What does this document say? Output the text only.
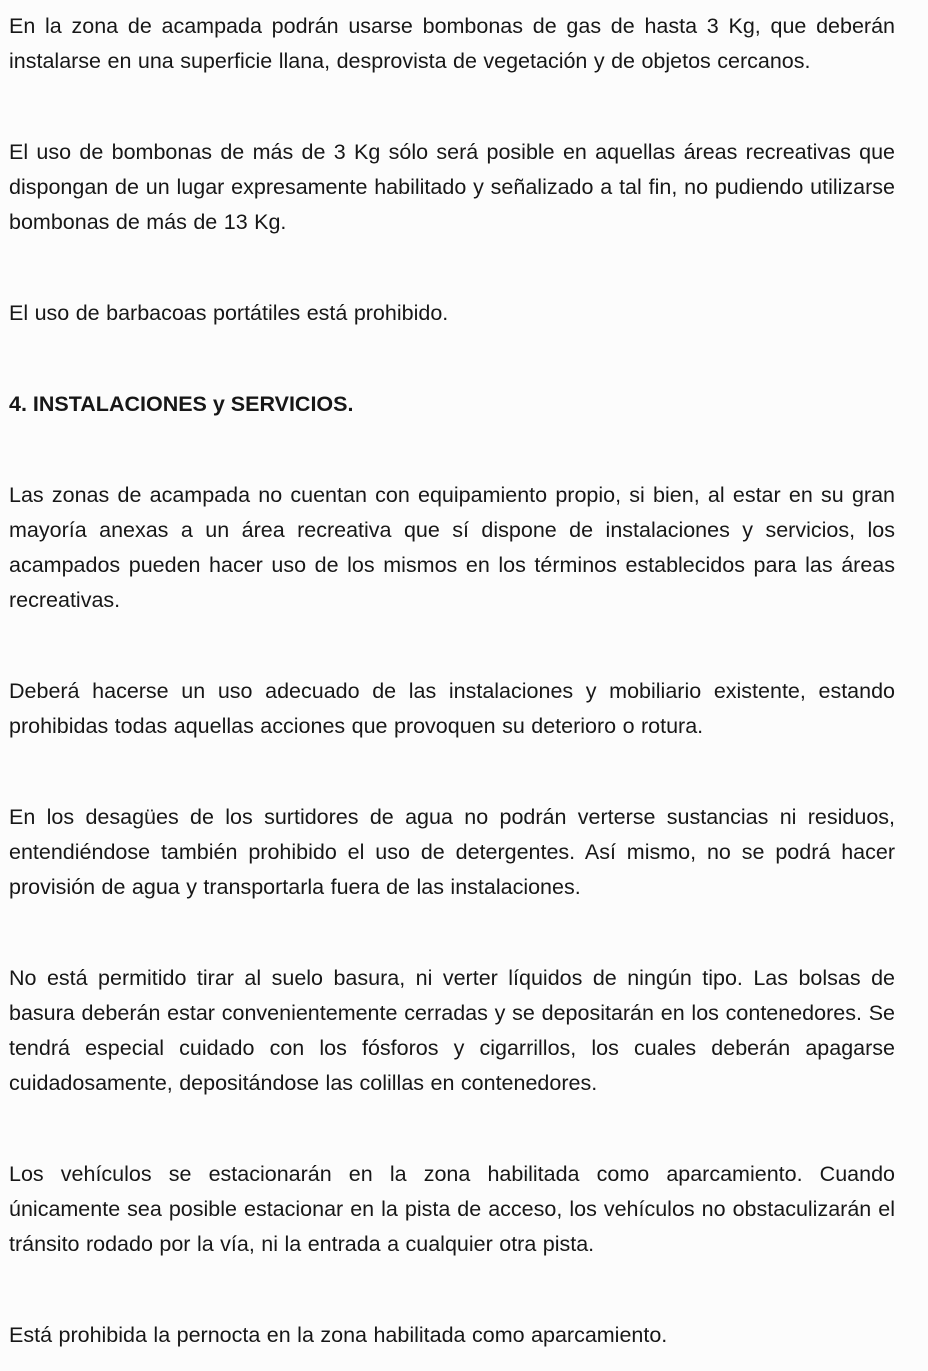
En la zona de acampada podrán usarse bombonas de gas de hasta 3 Kg, que deberán instalarse en una superficie llana, desprovista de vegetación y de objetos cercanos.

El uso de bombonas de más de 3 Kg sólo será posible en aquellas áreas recreativas que dispongan de un lugar expresamente habilitado y señalizado a tal fin, no pudiendo utilizarse bombonas de más de 13 Kg.

El uso de barbacoas portátiles está prohibido.

4. INSTALACIONES y SERVICIOS.

Las zonas de acampada no cuentan con equipamiento propio, si bien, al estar en su gran mayoría anexas a un área recreativa que sí dispone de instalaciones y servicios, los acampados pueden hacer uso de los mismos en los términos establecidos para las áreas recreativas.

Deberá hacerse un uso adecuado de las instalaciones y mobiliario existente, estando prohibidas todas aquellas acciones que provoquen su deterioro o rotura.

En los desagües de los surtidores de agua no podrán verterse sustancias ni residuos, entendiéndose también prohibido el uso de detergentes. Así mismo, no se podrá hacer provisión de agua y transportarla fuera de las instalaciones.

No está permitido tirar al suelo basura, ni verter líquidos de ningún tipo. Las bolsas de basura deberán estar convenientemente cerradas y se depositarán en los contenedores. Se tendrá especial cuidado con los fósforos y cigarrillos, los cuales deberán apagarse cuidadosamente, depositándose las colillas en contenedores.

Los vehículos se estacionarán en la zona habilitada como aparcamiento. Cuando únicamente sea posible estacionar en la pista de acceso, los vehículos no obstaculizarán el tránsito rodado por la vía, ni la entrada a cualquier otra pista.

Está prohibida la pernocta en la zona habilitada como aparcamiento.
